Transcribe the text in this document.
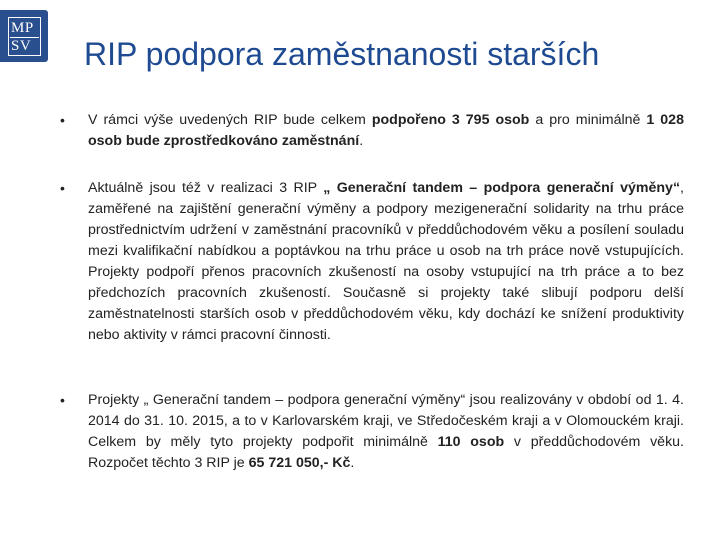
MP
SV RIP podpora zaměstnanosti starších
•	V rámci výše uvedených RIP bude celkem podpořeno 3 795 osob a pro minimálně 1 028 osob bude zprostředkováno zaměstnání.

•	Aktuálně jsou též v realizaci 3 RIP „ Generační tandem – podpora generační výměny“, zaměřené na zajištění generační výměny a podpory mezigenerační solidarity na trhu práce prostřednictvím udržení v zaměstnání pracovníků v předdůchodovém věku a posílení souladu mezi kvalifikační nabídkou a poptávkou na trhu práce u osob na trh práce nově vstupujících. Projekty podpoří přenos pracovních zkušeností na osoby vstupující na trh práce a to bez předchozích pracovních zkušeností. Současně si projekty také slibují podporu delší zaměstnatelnosti starších osob v předdůchodovém věku, kdy dochází ke snížení produktivity nebo aktivity v rámci pracovní činnosti.

•	Projekty „ Generační tandem – podpora generační výměny“ jsou realizovány v období od 1. 4. 2014 do 31. 10. 2015, a to v Karlovarském kraji, ve Středočeském kraji a v Olomouckém kraji. Celkem by měly tyto projekty podpořit minimálně 110 osob v předdůchodovém věku. Rozpočet těchto 3 RIP je 65 721 050,- Kč.
